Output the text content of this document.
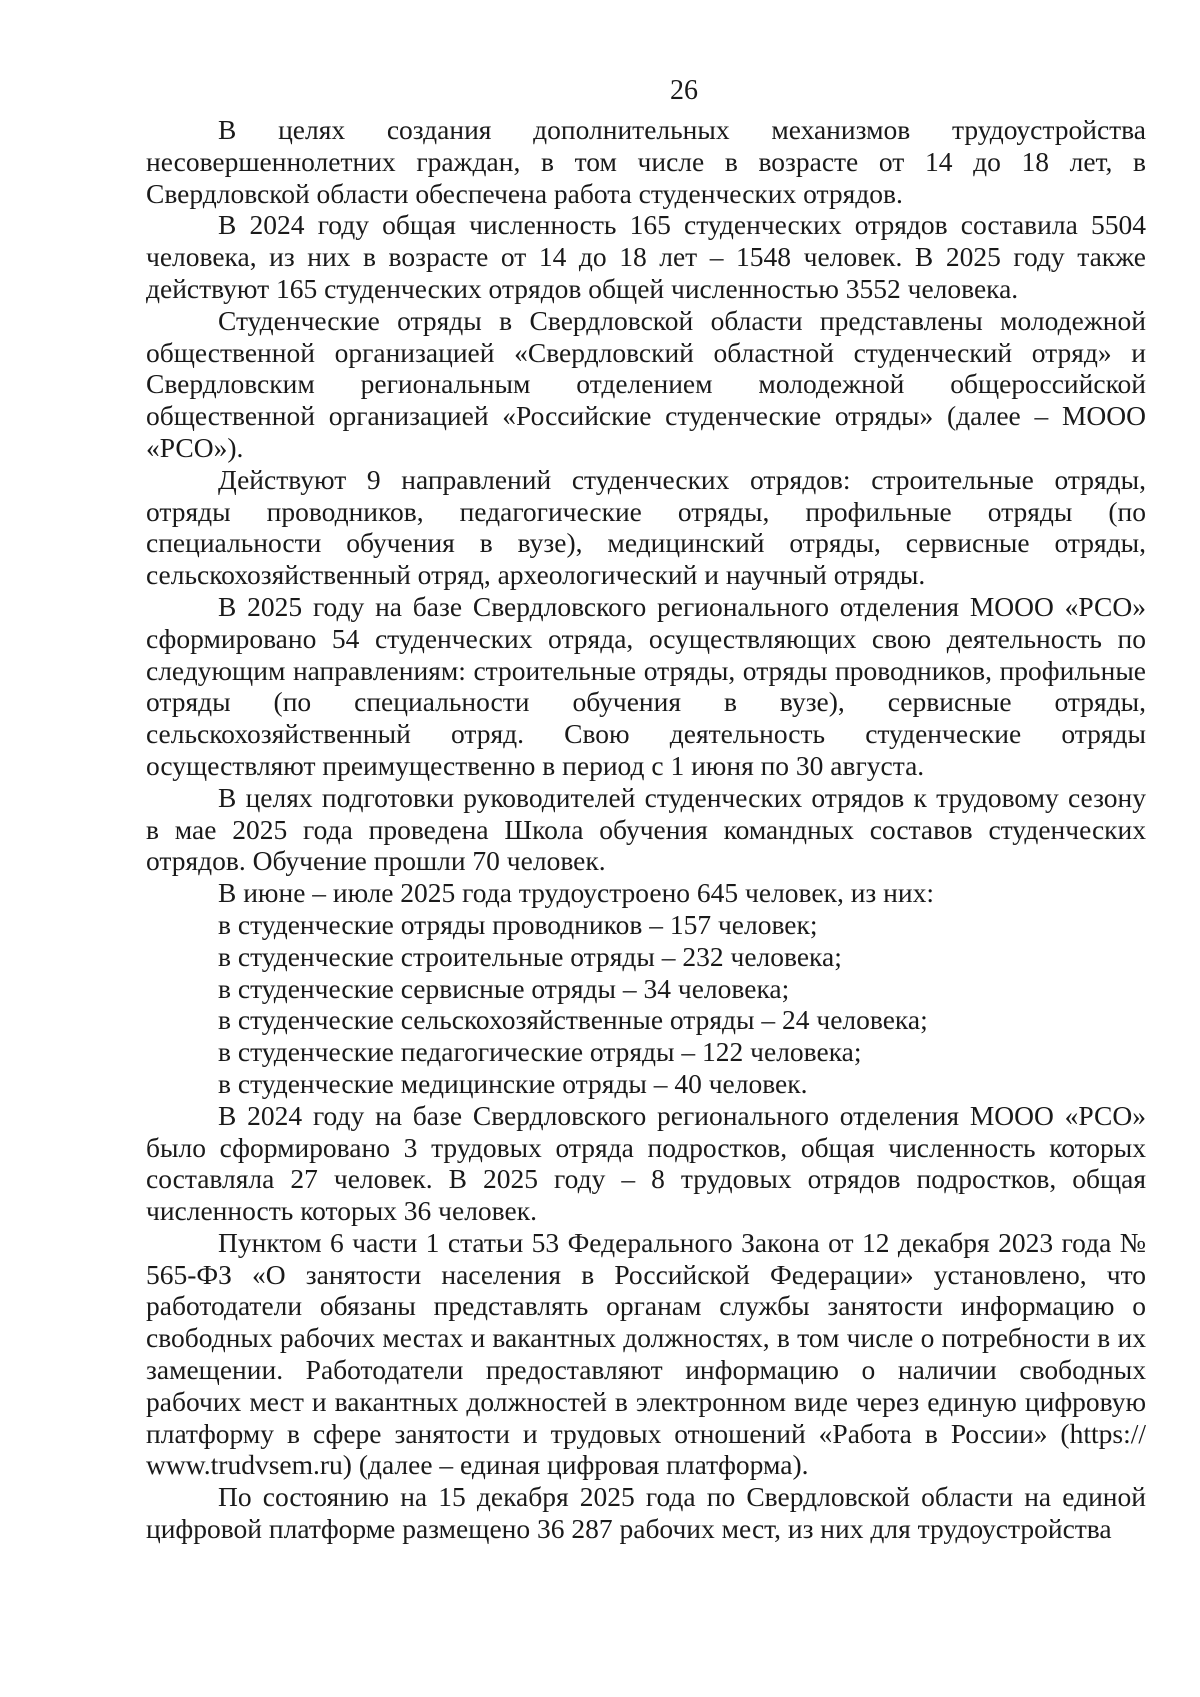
26

В целях создания дополнительных механизмов трудоустройства несовершеннолетних граждан, в том числе в возрасте от 14 до 18 лет, в Свердловской области обеспечена работа студенческих отрядов.

В 2024 году общая численность 165 студенческих отрядов составила 5504 человека, из них в возрасте от 14 до 18 лет – 1548 человек. В 2025 году также действуют 165 студенческих отрядов общей численностью 3552 человека.

Студенческие отряды в Свердловской области представлены молодежной общественной организацией «Свердловский областной студенческий отряд» и Свердловским региональным отделением молодежной общероссийской общественной организацией «Российские студенческие отряды» (далее – МООО «РСО»).

Действуют 9 направлений студенческих отрядов: строительные отряды, отряды проводников, педагогические отряды, профильные отряды (по специальности обучения в вузе), медицинский отряды, сервисные отряды, сельскохозяйственный отряд, археологический и научный отряды.

В 2025 году на базе Свердловского регионального отделения МООО «РСО» сформировано 54 студенческих отряда, осуществляющих свою деятельность по следующим направлениям: строительные отряды, отряды проводников, профильные отряды (по специальности обучения в вузе), сервисные отряды, сельскохозяйственный отряд. Свою деятельность студенческие отряды осуществляют преимущественно в период с 1 июня по 30 августа.

В целях подготовки руководителей студенческих отрядов к трудовому сезону в мае 2025 года проведена Школа обучения командных составов студенческих отрядов. Обучение прошли 70 человек.

В июне – июле 2025 года трудоустроено 645 человек, из них:

в студенческие отряды проводников – 157 человек;

в студенческие строительные отряды – 232 человека;

в студенческие сервисные отряды – 34 человека;

в студенческие сельскохозяйственные отряды – 24 человека;

в студенческие педагогические отряды – 122 человека;

в студенческие медицинские отряды – 40 человек.

В 2024 году на базе Свердловского регионального отделения МООО «РСО» было сформировано 3 трудовых отряда подростков, общая численность которых составляла 27 человек. В 2025 году – 8 трудовых отрядов подростков, общая численность которых 36 человек.

Пунктом 6 части 1 статьи 53 Федерального Закона от 12 декабря 2023 года № 565-ФЗ «О занятости населения в Российской Федерации» установлено, что работодатели обязаны представлять органам службы занятости информацию о свободных рабочих местах и вакантных должностях, в том числе о потребности в их замещении. Работодатели предоставляют информацию о наличии свободных рабочих мест и вакантных должностей в электронном виде через единую цифровую платформу в сфере занятости и трудовых отношений «Работа в России» (https:// www.trudvsem.ru) (далее – единая цифровая платформа).

По состоянию на 15 декабря 2025 года по Свердловской области на единой цифровой платформе размещено 36 287 рабочих мест, из них для трудоустройства
